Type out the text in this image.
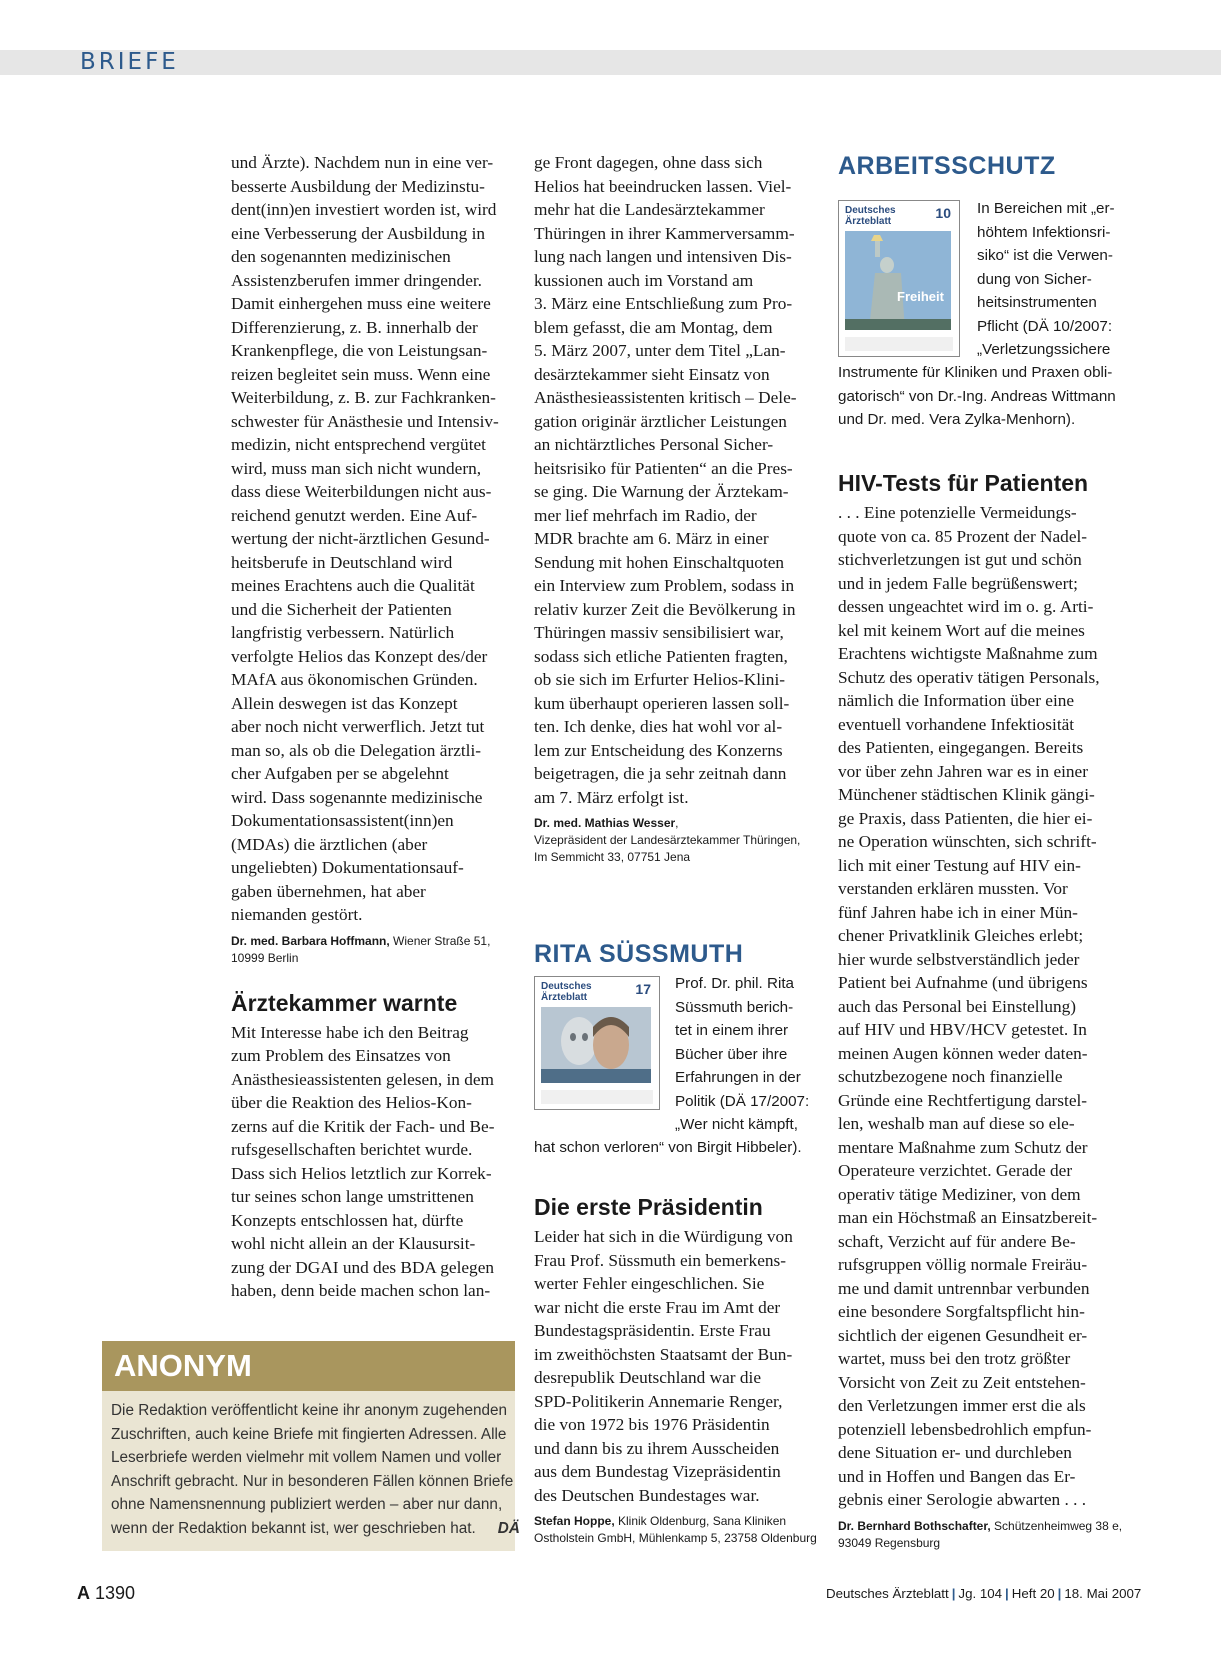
BRIEFE
und Ärzte). Nachdem nun in eine ver-
besserte Ausbildung der Medizinstu-
dent(inn)en investiert worden ist, wird
eine Verbesserung der Ausbildung in
den sogenannten medizinischen
Assistenzberufen immer dringender.
Damit einhergehen muss eine weitere
Differenzierung, z. B. innerhalb der
Krankenpflege, die von Leistungsan-
reizen begleitet sein muss. Wenn eine
Weiterbildung, z. B. zur Fachkranken-
schwester für Anästhesie und Intensiv-
medizin, nicht entsprechend vergütet
wird, muss man sich nicht wundern,
dass diese Weiterbildungen nicht aus-
reichend genutzt werden. Eine Auf-
wertung der nicht-ärztlichen Gesund-
heitsberufe in Deutschland wird
meines Erachtens auch die Qualität
und die Sicherheit der Patienten
langfristig verbessern. Natürlich
verfolgte Helios das Konzept des/der
MAfA aus ökonomischen Gründen.
Allein deswegen ist das Konzept
aber noch nicht verwerflich. Jetzt tut
man so, als ob die Delegation ärztli-
cher Aufgaben per se abgelehnt
wird. Dass sogenannte medizinische
Dokumentationsassistent(inn)en
(MDAs) die ärztlichen (aber
ungeliebten) Dokumentationsauf-
gaben übernehmen, hat aber
niemanden gestört.
Dr. med. Barbara Hoffmann, Wiener Straße 51,
10999 Berlin
Ärztekammer warnte
Mit Interesse habe ich den Beitrag
zum Problem des Einsatzes von
Anästhesieassistenten gelesen, in dem
über die Reaktion des Helios-Kon-
zerns auf die Kritik der Fach- und Be-
rufsgesellschaften berichtet wurde.
Dass sich Helios letztlich zur Korrek-
tur seines schon lange umstrittenen
Konzepts entschlossen hat, dürfte
wohl nicht allein an der Klausursit-
zung der DGAI und des BDA gelegen
haben, denn beide machen schon lan-
ge Front dagegen, ohne dass sich
Helios hat beeindrucken lassen. Viel-
mehr hat die Landesärztekammer
Thüringen in ihrer Kammerversamm-
lung nach langen und intensiven Dis-
kussionen auch im Vorstand am
3. März eine Entschließung zum Pro-
blem gefasst, die am Montag, dem
5. März 2007, unter dem Titel „Lan-
desärztekammer sieht Einsatz von
Anästhesieassistenten kritisch – Dele-
gation originär ärztlicher Leistungen
an nichtärztliches Personal Sicher-
heitsrisiko für Patienten“ an die Pres-
se ging. Die Warnung der Ärztekam-
mer lief mehrfach im Radio, der
MDR brachte am 6. März in einer
Sendung mit hohen Einschaltquoten
ein Interview zum Problem, sodass in
relativ kurzer Zeit die Bevölkerung in
Thüringen massiv sensibilisiert war,
sodass sich etliche Patienten fragten,
ob sie sich im Erfurter Helios-Klini-
kum überhaupt operieren lassen soll-
ten. Ich denke, dies hat wohl vor al-
lem zur Entscheidung des Konzerns
beigetragen, die ja sehr zeitnah dann
am 7. März erfolgt ist.
Dr. med. Mathias Wesser,
Vizepräsident der Landesärztekammer Thüringen,
Im Semmicht 33, 07751 Jena
RITA SÜSSMUTH
Deutsches
Ärzteblatt
17 Prof. Dr. phil. Rita
Süssmuth berich-
tet in einem ihrer
Bücher über ihre
Erfahrungen in der
Politik (DÄ 17/2007:
„Wer nicht kämpft,
hat schon verloren“ von Birgit Hibbeler).
Die erste Präsidentin
Leider hat sich in die Würdigung von
Frau Prof. Süssmuth ein bemerkens-
werter Fehler eingeschlichen. Sie
war nicht die erste Frau im Amt der
Bundestagspräsidentin. Erste Frau
im zweithöchsten Staatsamt der Bun-
desrepublik Deutschland war die
SPD-Politikerin Annemarie Renger,
die von 1972 bis 1976 Präsidentin
und dann bis zu ihrem Ausscheiden
aus dem Bundestag Vizepräsidentin
des Deutschen Bundestages war.
Stefan Hoppe, Klinik Oldenburg, Sana Kliniken
Ostholstein GmbH, Mühlenkamp 5, 23758 Oldenburg
ARBEITSSCHUTZ
Deutsches
Ärzteblatt
10
Freiheit
In Bereichen mit „er-
höhtem Infektionsri-
siko“ ist die Verwen-
dung von Sicher-
heitsinstrumenten
Pflicht (DÄ 10/2007:
„Verletzungssichere
Instrumente für Kliniken und Praxen obli-
gatorisch“ von Dr.-Ing. Andreas Wittmann
und Dr. med. Vera Zylka-Menhorn).
HIV-Tests für Patienten
. . . Eine potenzielle Vermeidungs-
quote von ca. 85 Prozent der Nadel-
stichverletzungen ist gut und schön
und in jedem Falle begrüßenswert;
dessen ungeachtet wird im o. g. Arti-
kel mit keinem Wort auf die meines
Erachtens wichtigste Maßnahme zum
Schutz des operativ tätigen Personals,
nämlich die Information über eine
eventuell vorhandene Infektiosität
des Patienten, eingegangen. Bereits
vor über zehn Jahren war es in einer
Münchener städtischen Klinik gängi-
ge Praxis, dass Patienten, die hier ei-
ne Operation wünschten, sich schrift-
lich mit einer Testung auf HIV ein-
verstanden erklären mussten. Vor
fünf Jahren habe ich in einer Mün-
chener Privatklinik Gleiches erlebt;
hier wurde selbstverständlich jeder
Patient bei Aufnahme (und übrigens
auch das Personal bei Einstellung)
auf HIV und HBV/HCV getestet. In
meinen Augen können weder daten-
schutzbezogene noch finanzielle
Gründe eine Rechtfertigung darstel-
len, weshalb man auf diese so ele-
mentare Maßnahme zum Schutz der
Operateure verzichtet. Gerade der
operativ tätige Mediziner, von dem
man ein Höchstmaß an Einsatzbereit-
schaft, Verzicht auf für andere Be-
rufsgruppen völlig normale Freiräu-
me und damit untrennbar verbunden
eine besondere Sorgfaltspflicht hin-
sichtlich der eigenen Gesundheit er-
wartet, muss bei den trotz größter
Vorsicht von Zeit zu Zeit entstehen-
den Verletzungen immer erst die als
potenziell lebensbedrohlich empfun-
dene Situation er- und durchleben
und in Hoffen und Bangen das Er-
gebnis einer Serologie abwarten . . .
Dr. Bernhard Bothschafter, Schützenheimweg 38 e,
93049 Regensburg
ANONYM
Die Redaktion veröffentlicht keine ihr anonym zugehenden
Zuschriften, auch keine Briefe mit fingierten Adressen. Alle
Leserbriefe werden vielmehr mit vollem Namen und voller
Anschrift gebracht. Nur in besonderen Fällen können Briefe
ohne Namensnennung publiziert werden – aber nur dann,
wenn der Redaktion bekannt ist, wer geschrieben hat. DÄ
A 1390	Deutsches Ärzteblatt | Jg. 104 | Heft 20 | 18. Mai 2007
